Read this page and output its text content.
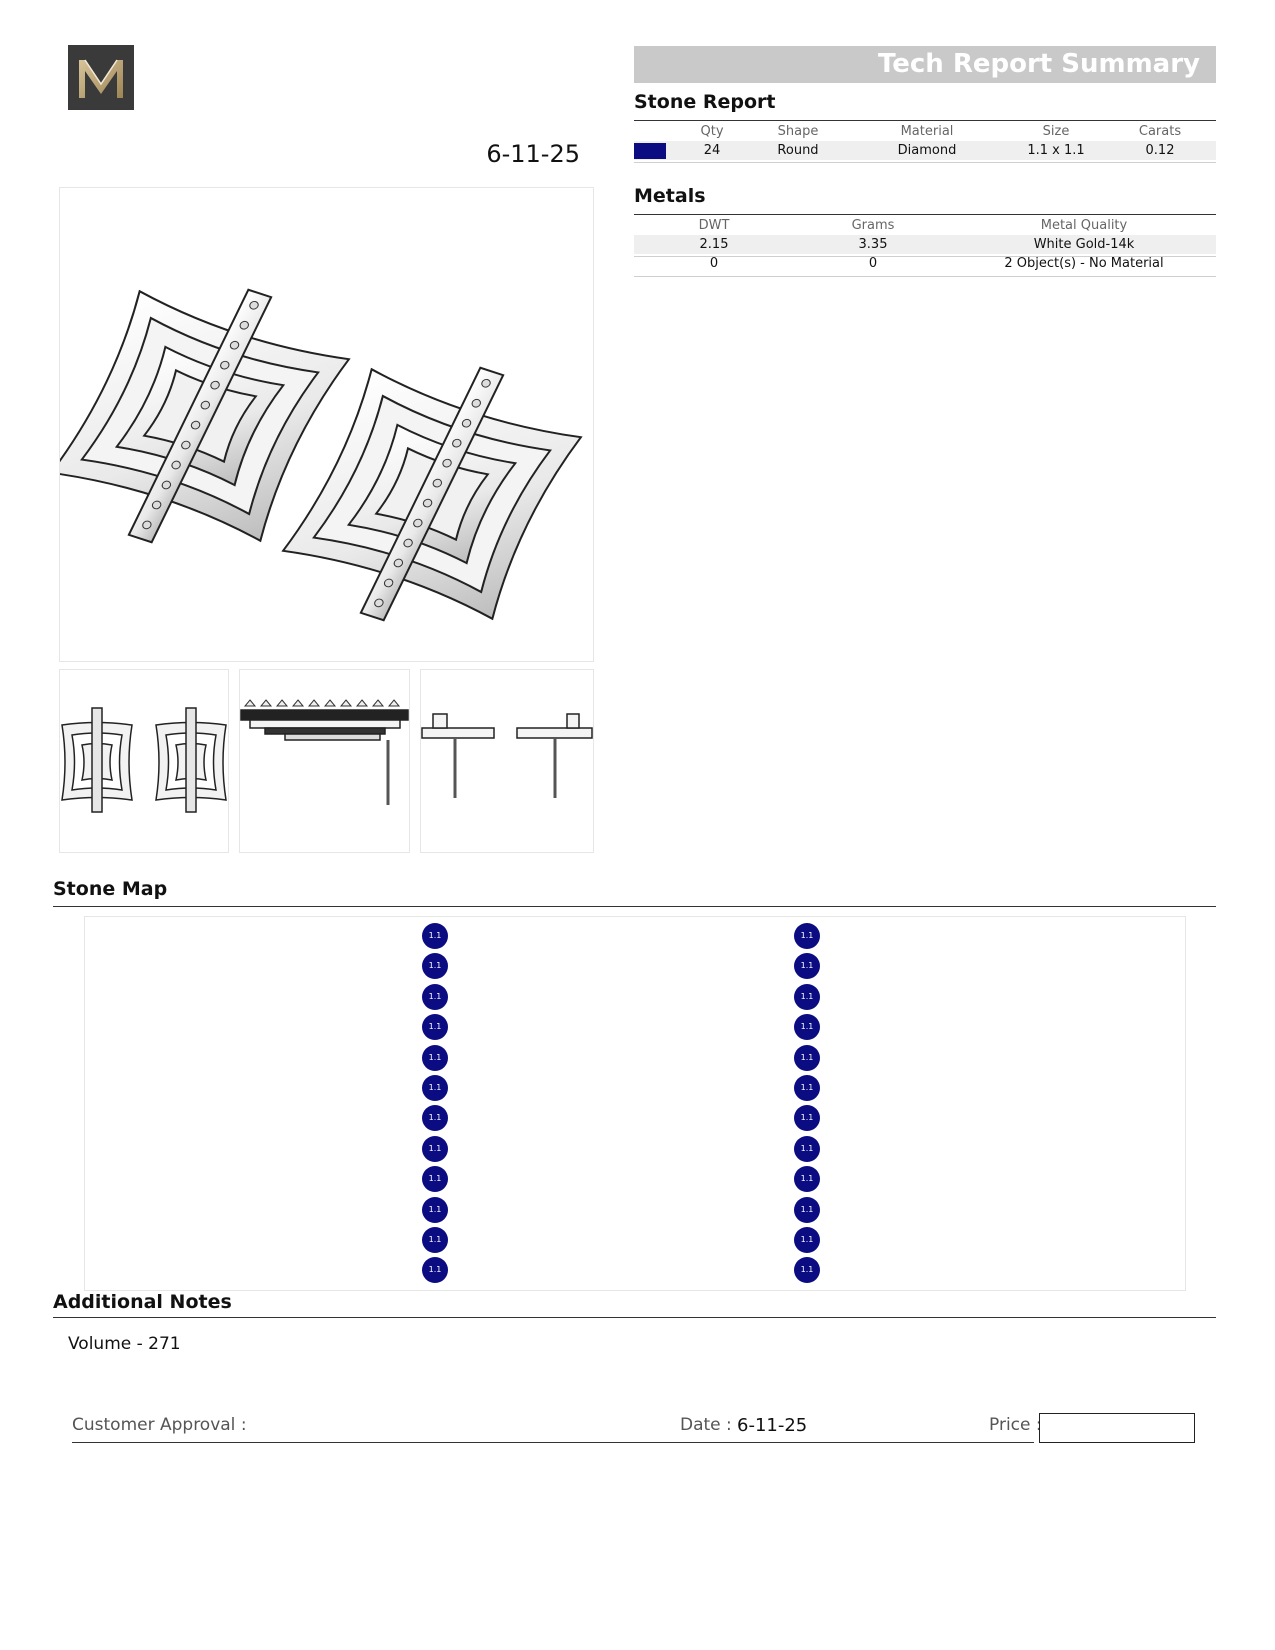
6-11-25
Tech Report Summary
Stone Report
	Qty	Shape	Material	Size	Carats

	24	Round	Diamond	1.1 x 1.1	0.12
Metals
DWT	Grams	Metal Quality
2.15	3.35	White Gold-14k
0	0	2 Object(s) - No Material
Stone Map
1.1
1.1
1.1
1.1
1.1
1.1
1.1
1.1
1.1
1.1
1.1
1.1
1.1
1.1
1.1
1.1
1.1
1.1
1.1
1.1
1.1
1.1
1.1
1.1
Additional Notes
Volume - 271
Customer Approval :	Date : 6-11-25	Price :
